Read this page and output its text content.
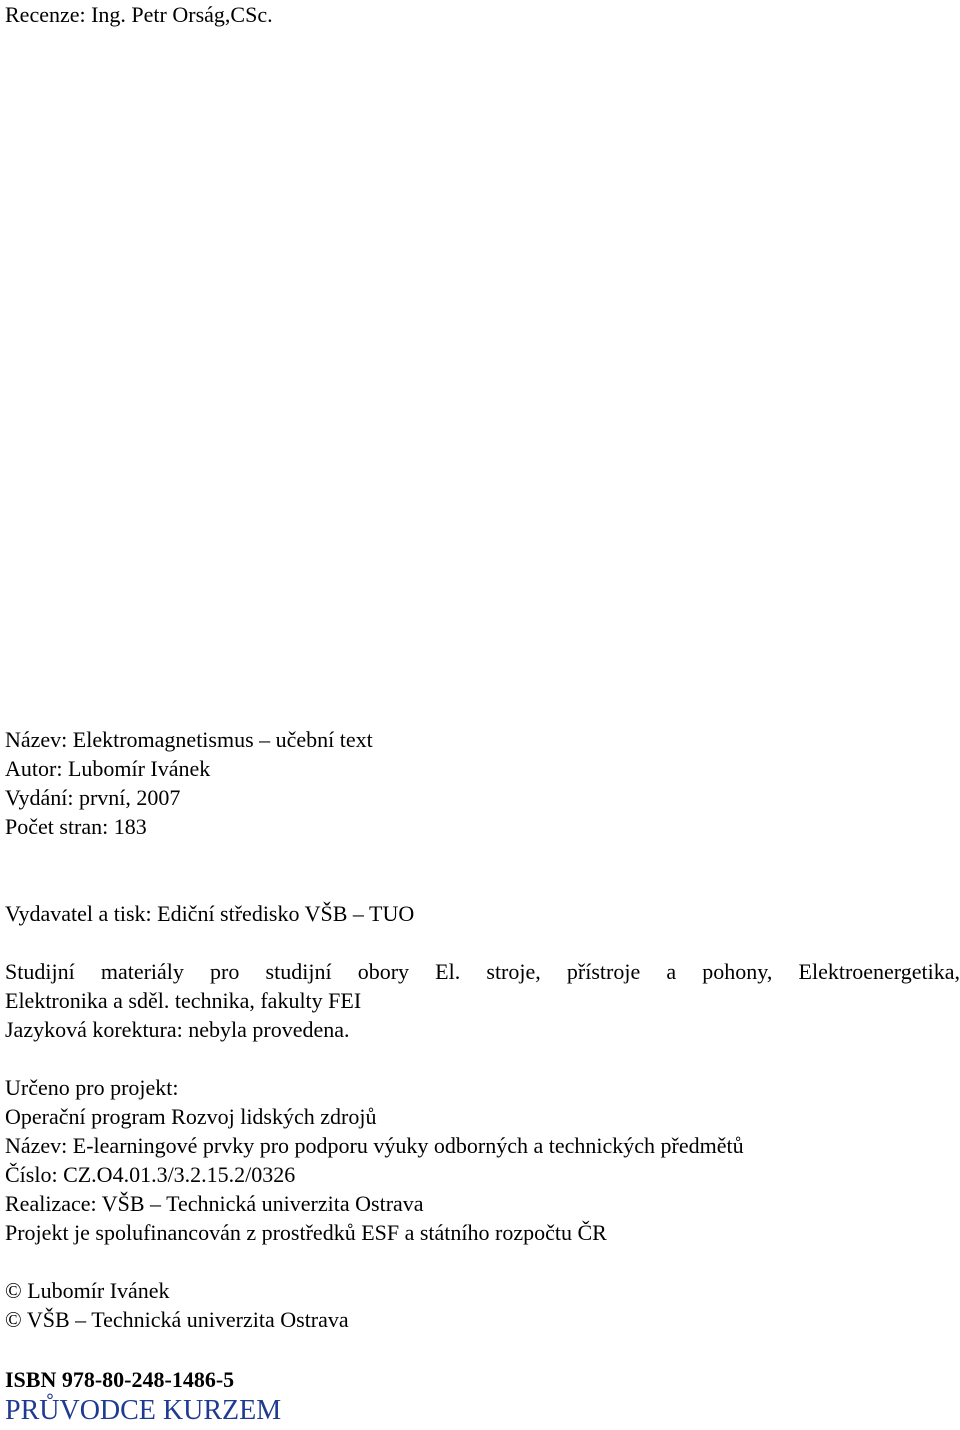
Recenze: Ing. Petr Orság,CSc.
Název: Elektromagnetismus – učební text
Autor: Lubomír Ivánek
Vydání: první, 2007
Počet stran: 183
Vydavatel a tisk: Ediční středisko VŠB – TUO
Studijní materiály pro studijní obory El. stroje, přístroje a pohony, Elektroenergetika,
Elektronika a sděl. technika, fakulty FEI
Jazyková korektura: nebyla provedena.
Určeno pro projekt:
Operační program Rozvoj lidských zdrojů
Název: E-learningové prvky pro podporu výuky odborných a technických předmětů
Číslo: CZ.O4.01.3/3.2.15.2/0326
Realizace: VŠB – Technická univerzita Ostrava
Projekt je spolufinancován z prostředků ESF a státního rozpočtu ČR
© Lubomír Ivánek
© VŠB – Technická univerzita Ostrava
ISBN 978-80-248-1486-5
PRŮVODCE KURZEM
